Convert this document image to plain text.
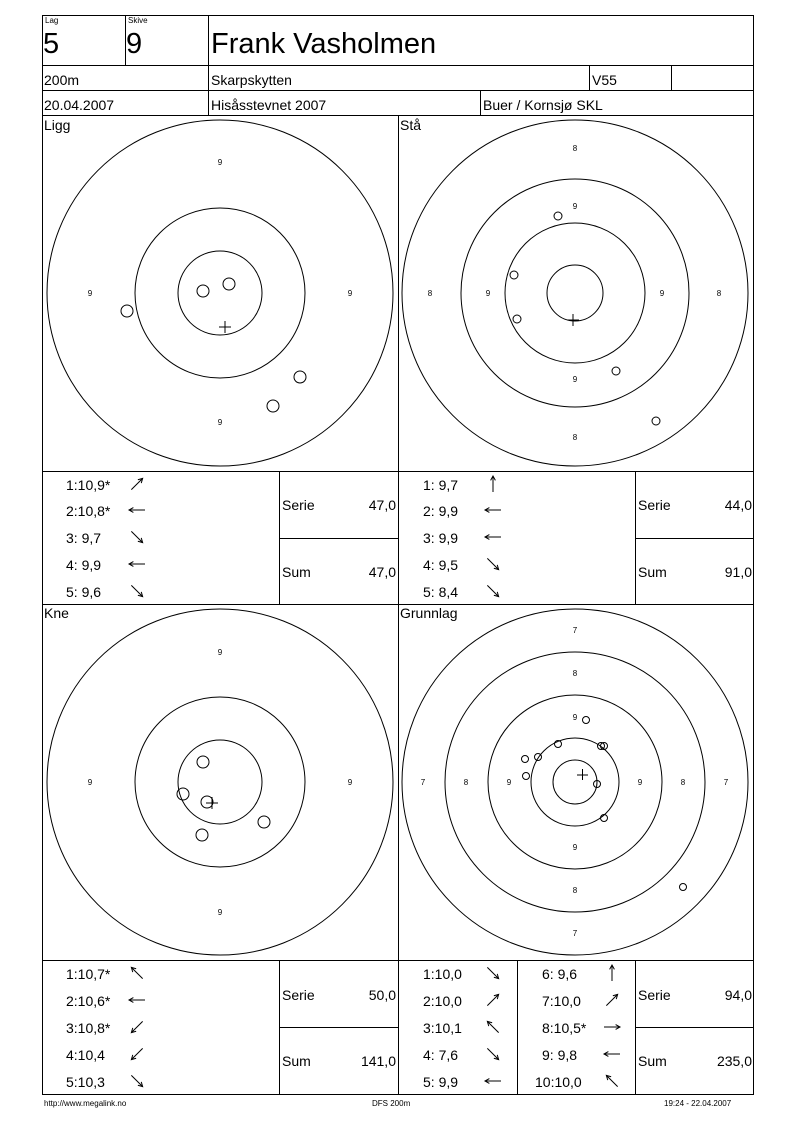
Lag
5
Skive
9 Frank Vasholmen
200m	Skarpskytten	V55
20.04.2007	Hisåsstevnet 2007	Buer / Kornsjø SKL
Ligg	Stå
Kne	Grunnlag
9
9
9	9
9
9
9	9
8
8
8	8
9
9
9	9
9
9
9	9
8
8
8	8
7
7
7	7
1:10,9*
2:10,8*
3: 9,7
4: 9,9
5: 9,6
Serie	47,0
Sum	47,0
1: 9,7
2: 9,9
3: 9,9
4: 9,5
5: 8,4
Serie	44,0
Sum	91,0
1:10,7*
2:10,6*
3:10,8*
4:10,4
5:10,3
Serie	50,0
Sum	141,0
1:10,0
2:10,0
3:10,1
4: 7,6
5: 9,9
6: 9,6
7:10,0
8:10,5*
9: 9,8
10:10,0
Serie	94,0
Sum	235,0
http://www.megalink.no	DFS 200m	19:24 - 22.04.2007
